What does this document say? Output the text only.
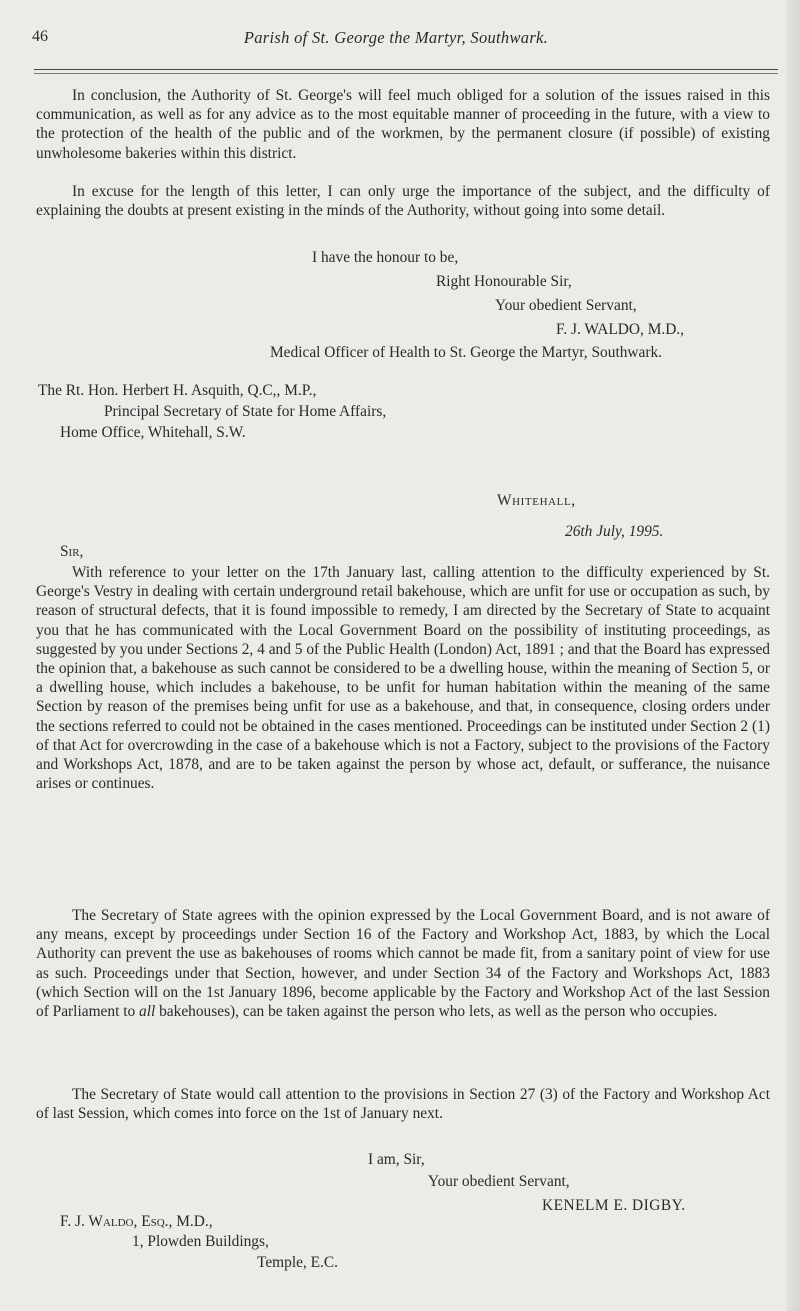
46	Parish of St. George the Martyr, Southwark.

In conclusion, the Authority of St. George's will feel much obliged for a solution of the issues raised in this communication, as well as for any advice as to the most equitable manner of proceeding in the future, with a view to the protection of the health of the public and of the workmen, by the permanent closure (if possible) of existing unwholesome bakeries within this district.

In excuse for the length of this letter, I can only urge the importance of the subject, and the difficulty of explaining the doubts at present existing in the minds of the Authority, without going into some detail.

I have the honour to be,
Right Honourable Sir,
Your obedient Servant,
F. J. WALDO, M.D.,
Medical Officer of Health to St. George the Martyr, Southwark.
The Rt. Hon. Herbert H. Asquith, Q.C,, M.P.,
Principal Secretary of State for Home Affairs,
Home Office, Whitehall, S.W.
Whitehall,
26th July, 1995.
Sir,

With reference to your letter on the 17th January last, calling attention to the difficulty experienced by St. George's Vestry in dealing with certain underground retail bakehouse, which are unfit for use or occupation as such, by reason of structural defects, that it is found impossible to remedy, I am directed by the Secretary of State to acquaint you that he has communicated with the Local Government Board on the possibility of instituting proceedings, as suggested by you under Sections 2, 4 and 5 of the Public Health (London) Act, 1891 ; and that the Board has expressed the opinion that, a bakehouse as such cannot be considered to be a dwelling house, within the meaning of Section 5, or a dwelling house, which includes a bakehouse, to be unfit for human habitation within the meaning of the same Section by reason of the premises being unfit for use as a bakehouse, and that, in consequence, closing orders under the sections referred to could not be obtained in the cases mentioned. Proceedings can be instituted under Section 2 (1) of that Act for overcrowding in the case of a bakehouse which is not a Factory, subject to the provisions of the Factory and Workshops Act, 1878, and are to be taken against the person by whose act, default, or sufferance, the nuisance arises or continues.

The Secretary of State agrees with the opinion expressed by the Local Government Board, and is not aware of any means, except by proceedings under Section 16 of the Factory and Workshop Act, 1883, by which the Local Authority can prevent the use as bakehouses of rooms which cannot be made fit, from a sanitary point of view for use as such. Proceedings under that Section, however, and under Section 34 of the Factory and Workshops Act, 1883 (which Section will on the 1st January 1896, become applicable by the Factory and Workshop Act of the last Session of Parliament to all bakehouses), can be taken against the person who lets, as well as the person who occupies.

The Secretary of State would call attention to the provisions in Section 27 (3) of the Factory and Workshop Act of last Session, which comes into force on the 1st of January next.

I am, Sir,
Your obedient Servant,
KENELM E. DIGBY.
F. J. Waldo, Esq., M.D.,
1, Plowden Buildings,
Temple, E.C.
